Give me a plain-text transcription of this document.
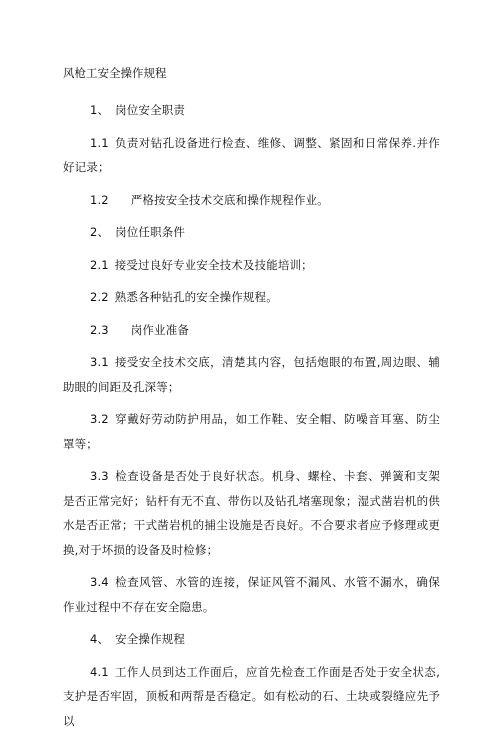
风枪工安全操作规程

1、 岗位安全职责

1.1 负责对钻孔设备进行检查、维修、调整、紧固和日常保养.并作好记录；

1.2 严格按安全技术交底和操作规程作业。

2、 岗位任职条件

2.1 接受过良好专业安全技术及技能培训；

2.2 熟悉各种钻孔的安全操作规程。

2.3 岗作业准备

3.1 接受安全技术交底，清楚其内容，包括炮眼的布置,周边眼、辅助眼的间距及孔深等；

3.2 穿戴好劳动防护用品，如工作鞋、安全帽、防噪音耳塞、防尘罩等；

3.3 检查设备是否处于良好状态。机身、螺栓、卡套、弹簧和支架是否正常完好；钻杆有无不直、带伤以及钻孔堵塞现象；湿式凿岩机的供水是否正常；干式凿岩机的捕尘设施是否良好。不合要求者应予修理或更换,对于坏损的设备及时检修；

3.4 检查风管、水管的连接，保证风管不漏风、水管不漏水，确保作业过程中不存在安全隐患。

4、 安全操作规程

4.1 工作人员到达工作面后，应首先检查工作面是否处于安全状态,支护是否牢固，顶板和两帮是否稳定。如有松动的石、土块或裂缝应先予以
